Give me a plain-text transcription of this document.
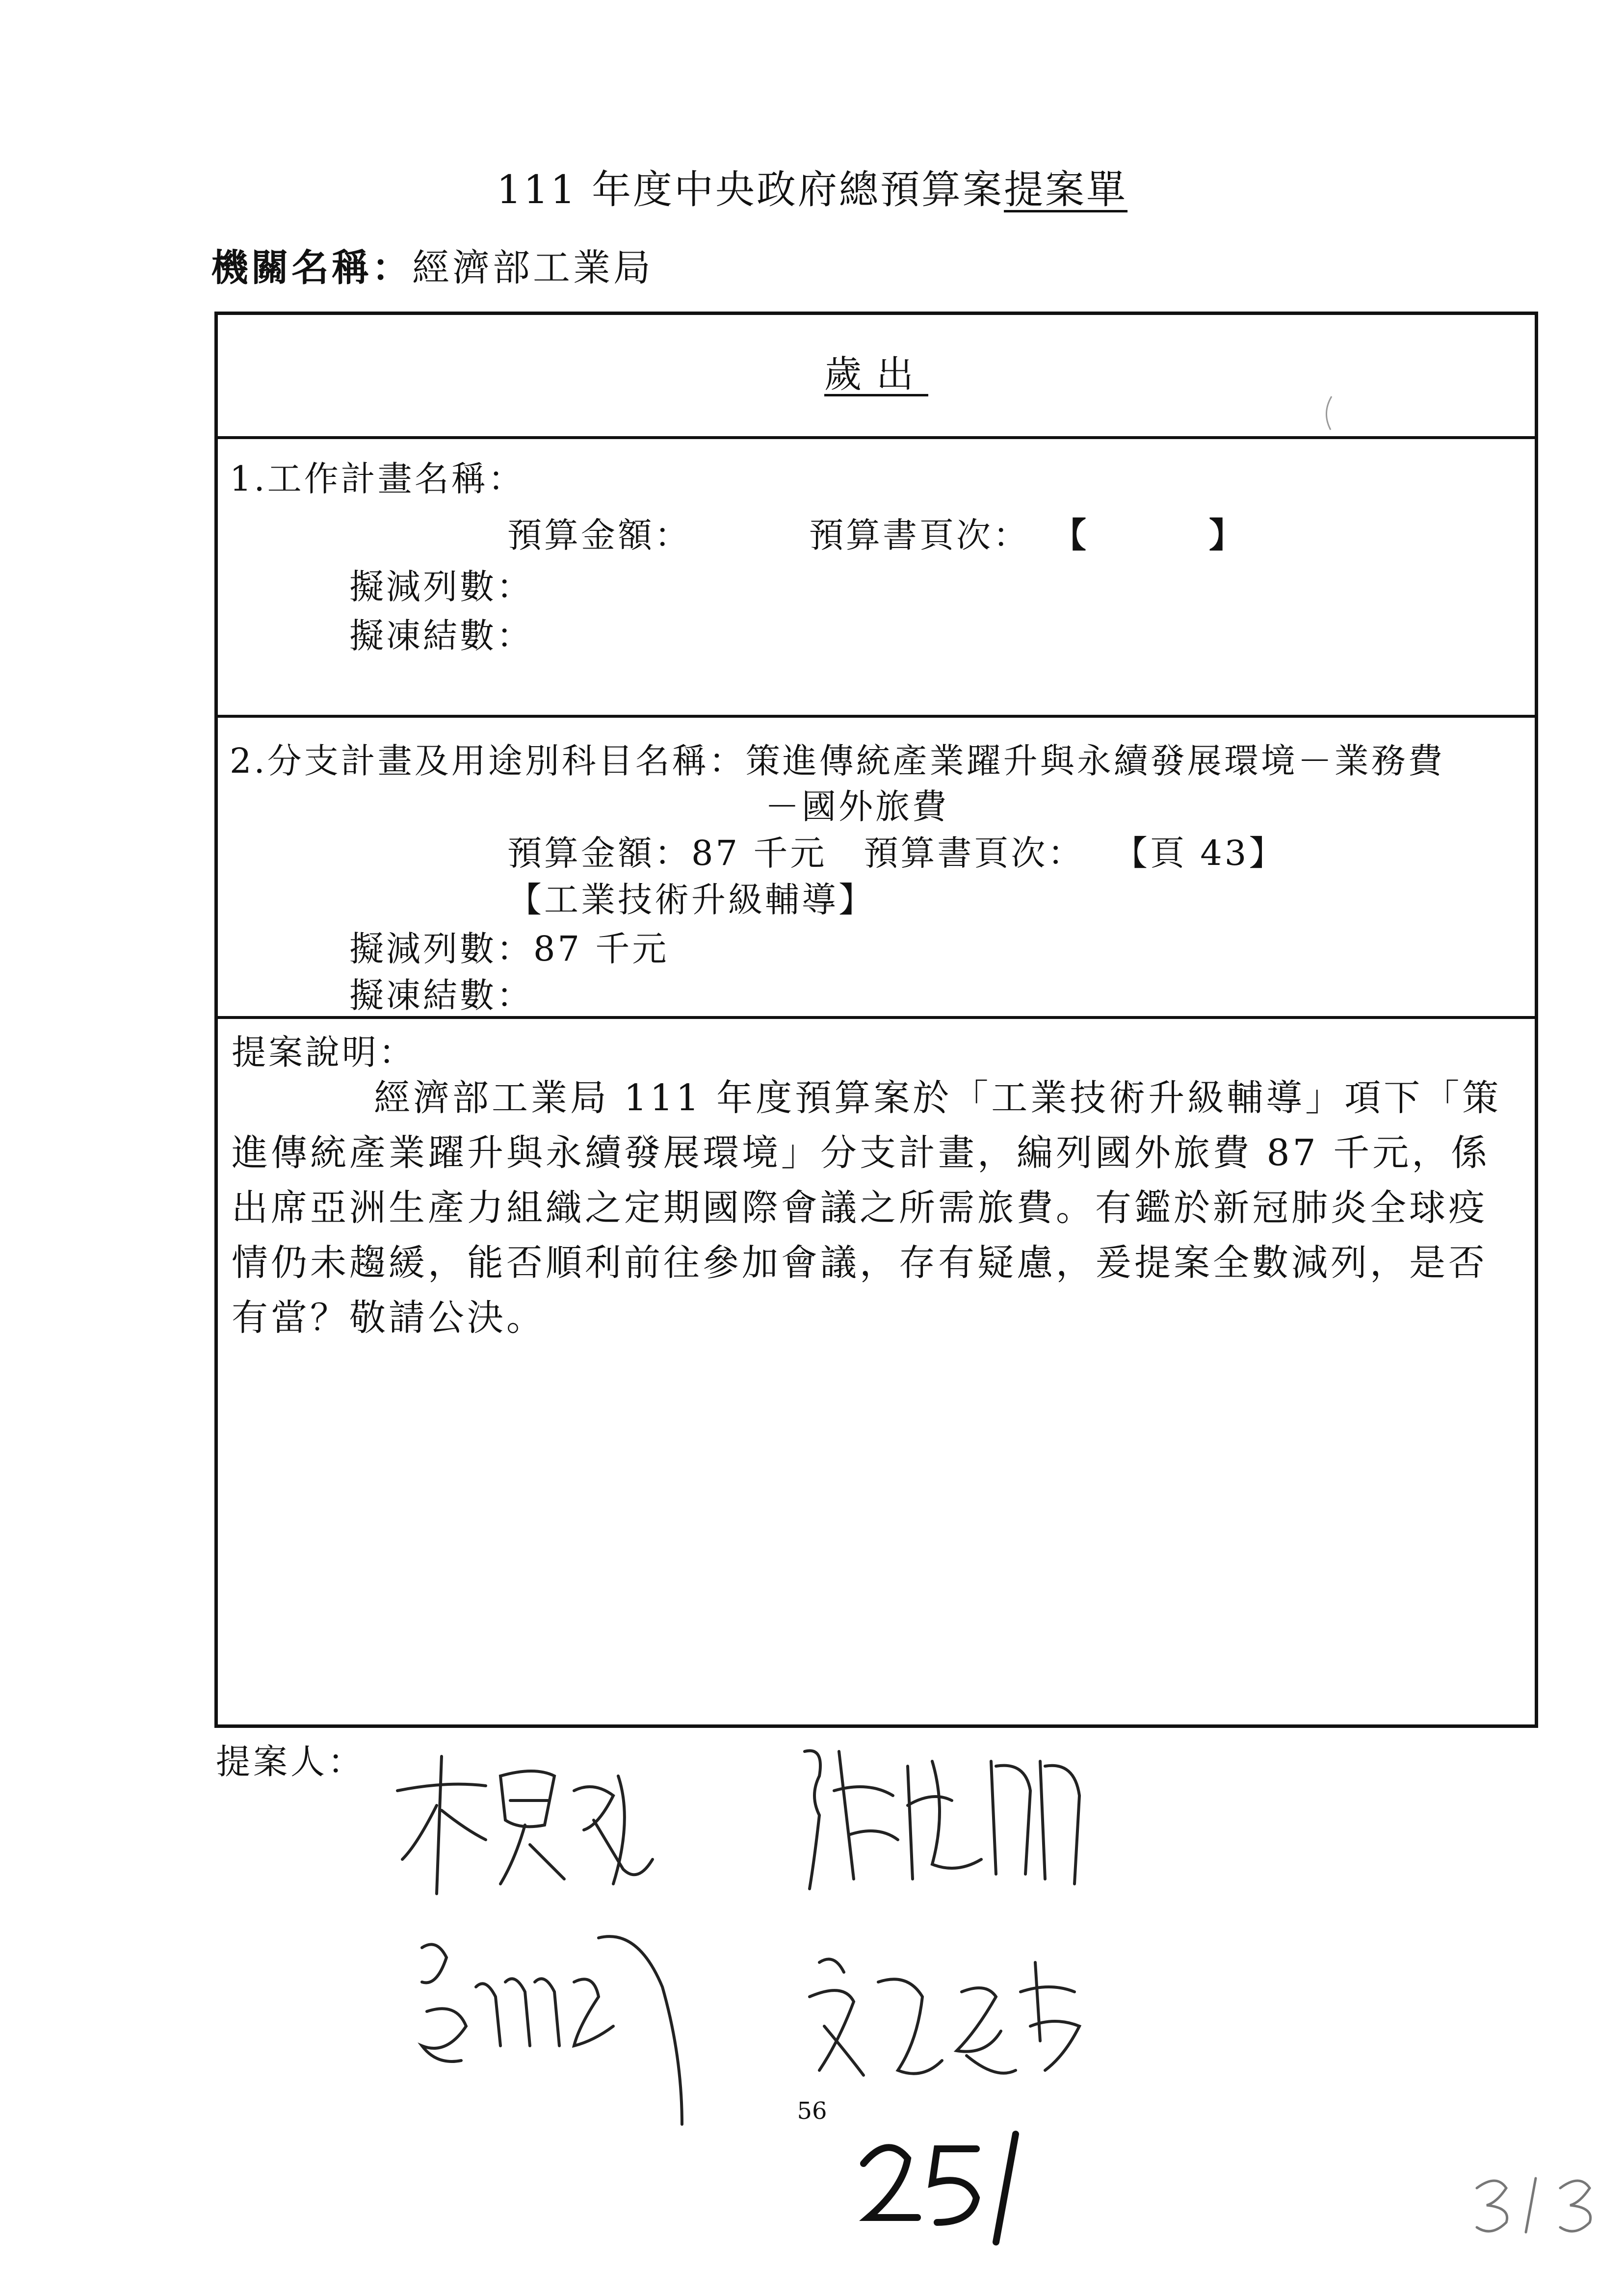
111 年度中央政府總預算案提案單
機關名稱：經濟部工業局
歲出
1.工作計畫名稱：
預算金額：	預算書頁次： 【	】
擬減列數：
擬凍結數：
2.分支計畫及用途別科目名稱：策進傳統產業躍升與永續發展環境－業務費
－國外旅費
預算金額：87 千元　預算書頁次： 【頁 43】
【工業技術升級輔導】
擬減列數：87 千元
擬凍結數：
提案說明：
經濟部工業局 111 年度預算案於「工業技術升級輔導」項下「策進傳統產業躍升與永續發展環境」分支計畫，編列國外旅費 87 千元，係出席亞洲生產力組織之定期國際會議之所需旅費。有鑑於新冠肺炎全球疫情仍未趨緩，能否順利前往參加會議，存有疑慮，爰提案全數減列，是否有當？敬請公決。
提案人：
56
